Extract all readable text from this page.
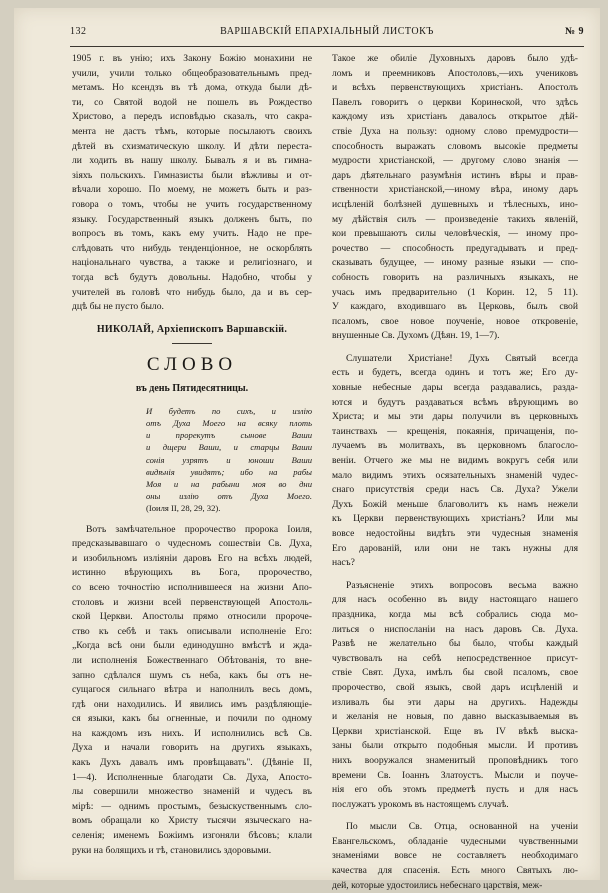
132	ВАРШАВСКІЙ ЕПАРХІАЛЬНЫЙ ЛИСТОКЪ	№ 9
1905 г. въ унію; ихъ Закону Божію монахини не
учили, учили только общеобразовательнымъ пред-
метамъ. Но ксендзъ въ тѣ дома, откуда были дѣ-
ти, со Святой водой не пошелъ въ Рождество
Христово, а передъ исповѣдью сказалъ, что сакра-
мента не дастъ тѣмъ, которые посылаютъ своихъ
дѣтей въ схизматическую школу. И дѣти переста-
ли ходить въ нашу школу. Бывалъ я и въ гимна-
зіяхъ польскихъ. Гимназисты были вѣжливы и от-
вѣчали хорошо. По моему, не можетъ быть и раз-
говора о томъ, чтобы не учить государственному
языку. Государственный языкъ долженъ быть, по
вопросъ въ томъ, какъ ему учить. Надо не пре-
слѣдовать что нибудь тенденціонное, не оскорблять
національнаго чувства, а также и религіознаго, и
тогда всѣ будутъ довольны. Надобно, чтобы у
учителей въ головѣ что нибудь было, да и въ сер-
дцѣ бы не пусто было.
НИКОЛАЙ, Архіепископъ Варшавскій.
СЛОВО
въ день Пятидесятницы.
И будетъ по сихъ, и излію
отъ Духа Моего на всяку плоть
и прорекутъ сынове Ваши
и дщери Ваши, и старцы Ваши
сонія узрятъ и юноши Ваши
видѣнія увидятъ; ибо на рабы
Моя и на рабыни моя во дни
оны излію отъ Духа Моего.
(Іоиля II, 28, 29, 32).
Вотъ замѣчательное пророчество пророка Іоиля,
предсказывавшаго о чудесномъ сошествіи Св. Духа,
и изобильномъ изліяніи даровъ Его на всѣхъ людей,
истинно вѣрующихъ въ Бога, пророчество,
со всею точностію исполнившееся на жизни Апо-
столовъ и жизни всей первенствующей Апостоль-
ской Церкви. Апостолы прямо относили пророче-
ство къ себѣ и такъ описывали исполненіе Его:
„Когда всѣ они были единодушно вмѣстѣ и жда-
ли исполненія Божественнаго Обѣтованія, то вне-
запно сдѣлался шумъ съ неба, какъ бы отъ не-
сущагося сильнаго вѣтра и наполнилъ весь домъ,
гдѣ они находились. И явились имъ раздѣляющіе-
ся языки, какъ бы огненные, и почили по одному
на каждомъ изъ нихъ. И исполнились всѣ Св.
Духа и начали говорить на другихъ языкахъ,
какъ Духъ давалъ имъ провѣщавать". (Дѣяніе II,
1—4). Исполненные благодати Св. Духа, Апосто-
лы совершили множество знаменій и чудесъ въ
мірѣ: — однимъ простымъ, безыскуственнымъ сло-
вомъ обращали ко Христу тысячи языческаго на-
селенія; именемъ Божіимъ изгоняли бѣсовъ; клали
руки на болящихъ и тѣ, становились здоровыми.
Такое же обиліе Духовныхъ даровъ было удѣ-
ломъ и преемниковъ Апостоловъ,—ихъ учениковъ
и всѣхъ первенствующихъ христіанъ. Апостолъ
Павелъ говоритъ о церкви Коринѳской, что здѣсь
каждому изъ христіанъ давалось открытое дѣй-
ствіе Духа на пользу: одному слово премудрости—
способность выражать словомъ высокіе предметы
мудрости христіанской, — другому слово знанія —
даръ дѣятельнаго разумѣнія истинъ вѣры и прав-
ственности христіанской,—иному вѣра, иному даръ
исцѣленій болѣзней душевныхъ и тѣлесныхъ, ино-
му дѣйствія силъ — произведеніе такихъ явленій,
кои превышаютъ силы человѣческія, — иному про-
рочество — способность предугадывать и пред-
сказывать будущее, — иному разные языки — спо-
собность говорить на различныхъ языкахъ, не
учась имъ предварительно (1 Корин. 12, 5 11).
У каждаго, входившаго въ Церковь, былъ свой
псаломъ, свое новое поученіе, новое откровеніе,
внушенные Св. Духомъ (Дѣян. 19, 1—7).
Слушатели Христіане! Духъ Святый всегда
есть и будетъ, всегда одинъ и тотъ же; Его ду-
ховные небесные дары всегда раздавались, разда-
ются и будутъ раздаваться всѣмъ вѣрующимъ во
Христа; и мы эти дары получили въ церковныхъ
таинствахъ — крещенія, покаянія, причащенія, по-
лучаемъ въ молитвахъ, въ церковномъ благосло-
веніи. Отчего же мы не видимъ вокругъ себя или
мало видимъ этихъ осязательныхъ знаменій чудес-
снаго присутствія среди насъ Св. Духа? Ужели
Духъ Божій меньше благоволитъ къ намъ нежели
къ Церкви первенствующихъ христіанъ? Или мы
вовсе недостойны видѣть эти чудесныя знаменія
Его дарованій, или они не такъ нужны для
насъ?
Разъясненіе этихъ вопросовъ весьма важно
для насъ особенно въ виду настоящаго нашего
праздника, когда мы всѣ собрались сюда мо-
литься о ниспосланіи на насъ даровъ Св. Духа.
Развѣ не желательно бы было, чтобы каждый
чувствовалъ на себѣ непосредственное присут-
ствіе Свят. Духа, имѣлъ бы свой псаломъ, свое
пророчество, свой языкъ, свой даръ исцѣленій и
изливалъ бы эти дары на другихъ. Надежды
и желанія не новыя, по давно высказываемыя въ
Церкви христіанской. Еще въ IV вѣкѣ выска-
заны были открыто подобныя мысли. И противъ
нихъ вооружался знаменитый проповѣдникъ того
времени Св. Іоаннъ Златоустъ. Мысли и поуче-
нія его объ этомъ предметѣ пусть и для насъ
послужатъ урокомъ въ настоящемъ случаѣ.
По мысли Св. Отца, основанной на ученіи
Евангельскомъ, обладаніе чудесными чувственными
знаменіями вовсе не составляетъ необходимаго
качества для спасенія. Есть много Святыхъ лю-
дей, которые удостоились небеснаго царствія, меж-
